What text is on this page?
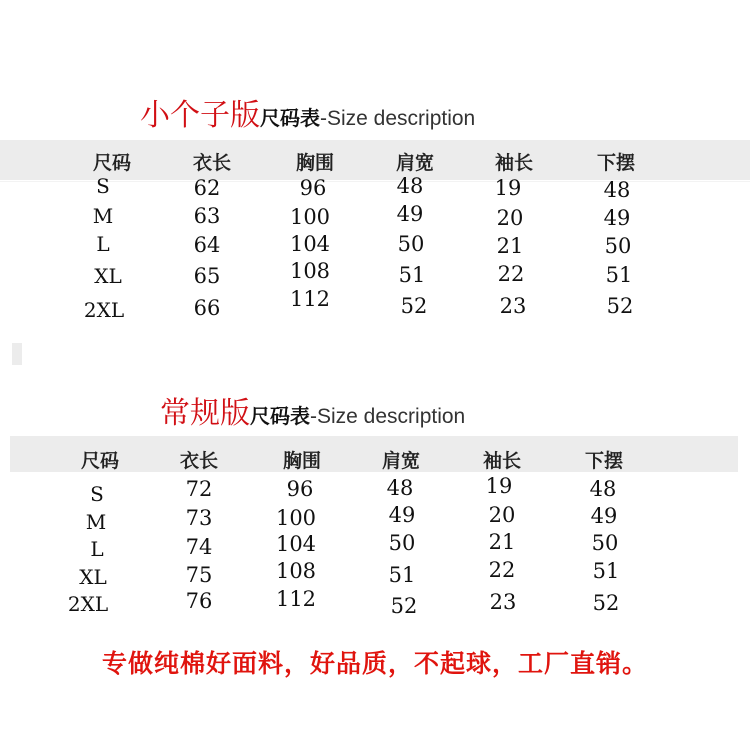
小个子版尺码表-Size description
尺码	衣长	胸围	肩宽	袖长	下摆
S	62	96	48	19	48
M	63	100	49	20	49
L	64	104	50	21	50
XL	65	108	51	22	51
2XL	66	112	52	23	52
常规版尺码表-Size description
尺码	衣长	胸围	肩宽	袖长	下摆
S	72	96	48	19	48
M	73	100	49	20	49
L	74	104	50	21	50
XL	75	108	51	22	51
2XL	76	112	52	23	52
专做纯棉好面料，好品质，不起球，工厂直销。
